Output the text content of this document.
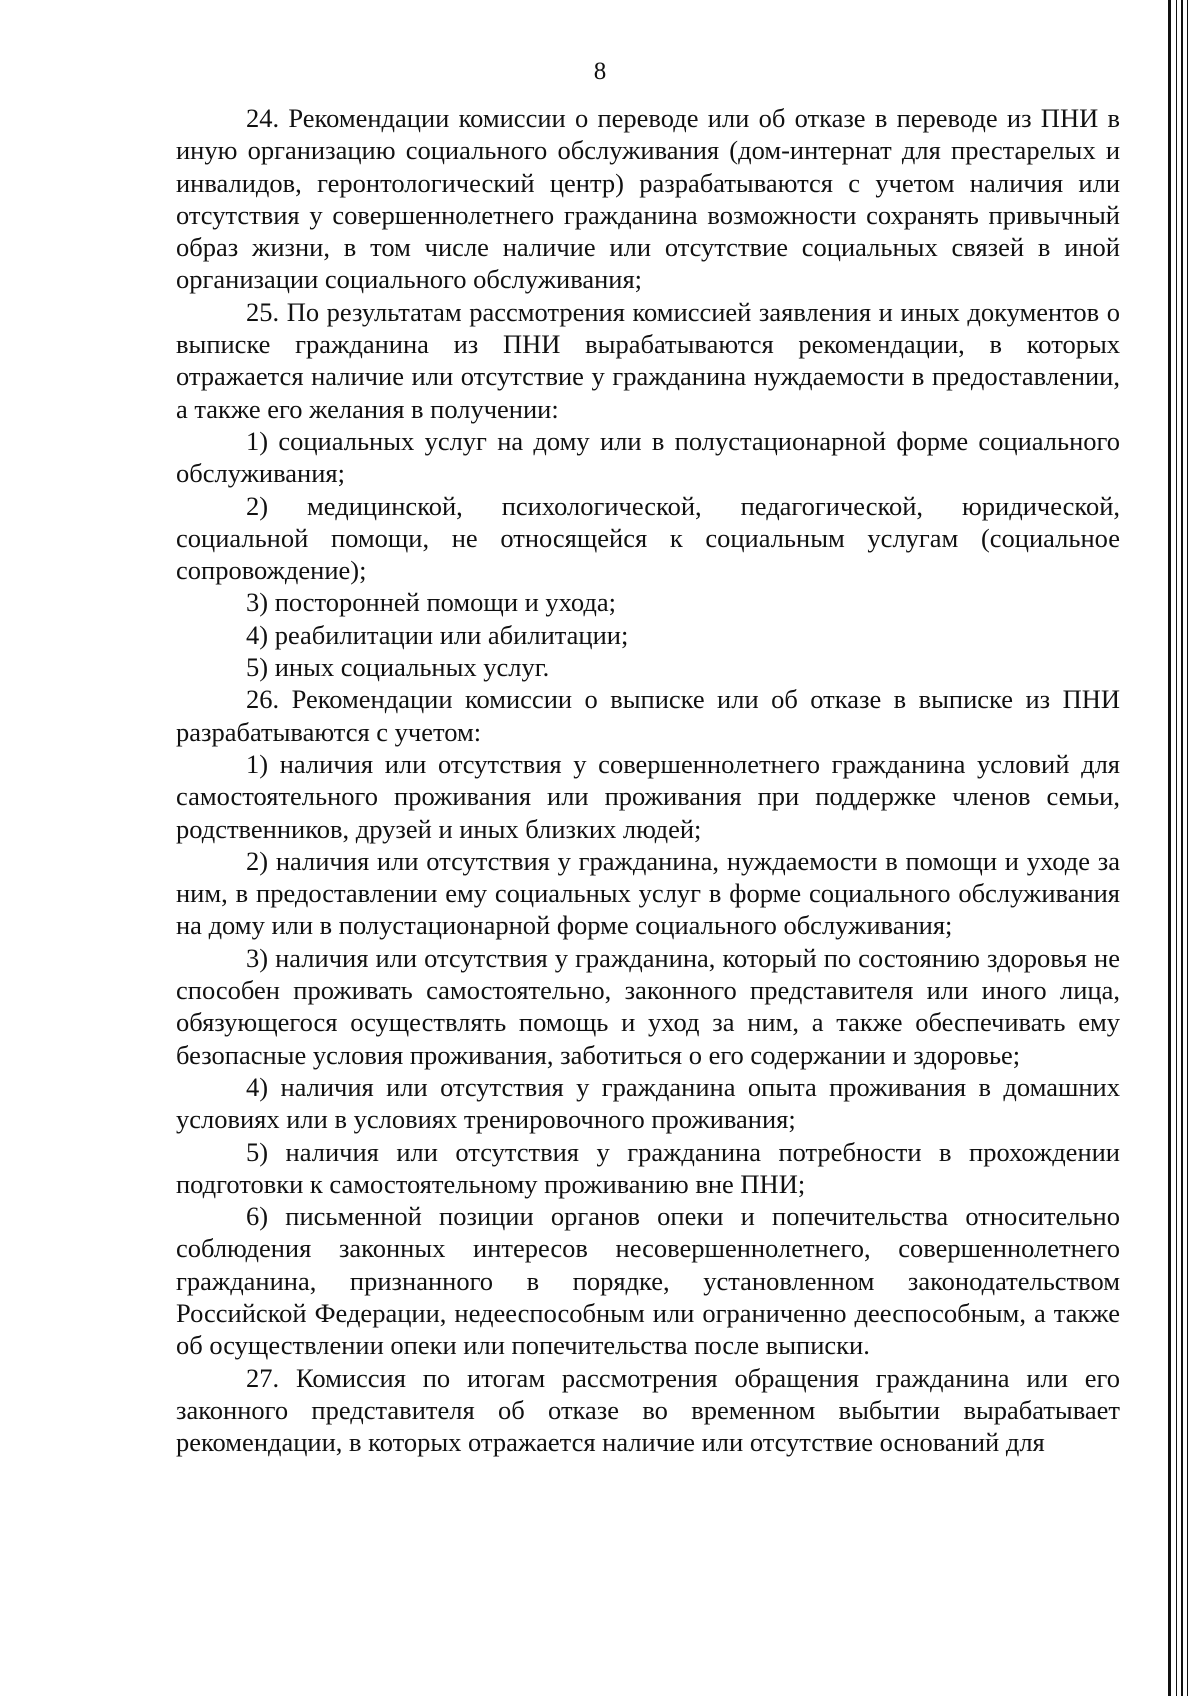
8

24. Рекомендации комиссии о переводе или об отказе в переводе из ПНИ в иную организацию социального обслуживания (дом-интернат для престарелых и инвалидов, геронтологический центр) разрабатываются с учетом наличия или отсутствия у совершеннолетнего гражданина возможности сохранять привычный образ жизни, в том числе наличие или отсутствие социальных связей в иной организации социального обслуживания;

25. По результатам рассмотрения комиссией заявления и иных документов о выписке гражданина из ПНИ вырабатываются рекомендации, в которых отражается наличие или отсутствие у гражданина нуждаемости в предоставлении, а также его желания в получении:

1) социальных услуг на дому или в полустационарной форме социального обслуживания;

2) медицинской, психологической, педагогической, юридической, социальной помощи, не относящейся к социальным услугам (социальное сопровождение);

3) посторонней помощи и ухода;

4) реабилитации или абилитации;

5) иных социальных услуг.

26. Рекомендации комиссии о выписке или об отказе в выписке из ПНИ разрабатываются с учетом:

1) наличия или отсутствия у совершеннолетнего гражданина условий для самостоятельного проживания или проживания при поддержке членов семьи, родственников, друзей и иных близких людей;

2) наличия или отсутствия у гражданина, нуждаемости в помощи и уходе за ним, в предоставлении ему социальных услуг в форме социального обслуживания на дому или в полустационарной форме социального обслуживания;

3) наличия или отсутствия у гражданина, который по состоянию здоровья не способен проживать самостоятельно, законного представителя или иного лица, обязующегося осуществлять помощь и уход за ним, а также обеспечивать ему безопасные условия проживания, заботиться о его содержании и здоровье;

4) наличия или отсутствия у гражданина опыта проживания в домашних условиях или в условиях тренировочного проживания;

5) наличия или отсутствия у гражданина потребности в прохождении подготовки к самостоятельному проживанию вне ПНИ;

6) письменной позиции органов опеки и попечительства относительно соблюдения законных интересов несовершеннолетнего, совершеннолетнего гражданина, признанного в порядке, установленном законодательством Российской Федерации, недееспособным или ограниченно дееспособным, а также об осуществлении опеки или попечительства после выписки.

27. Комиссия по итогам рассмотрения обращения гражданина или его законного представителя об отказе во временном выбытии вырабатывает рекомендации, в которых отражается наличие или отсутствие оснований для
